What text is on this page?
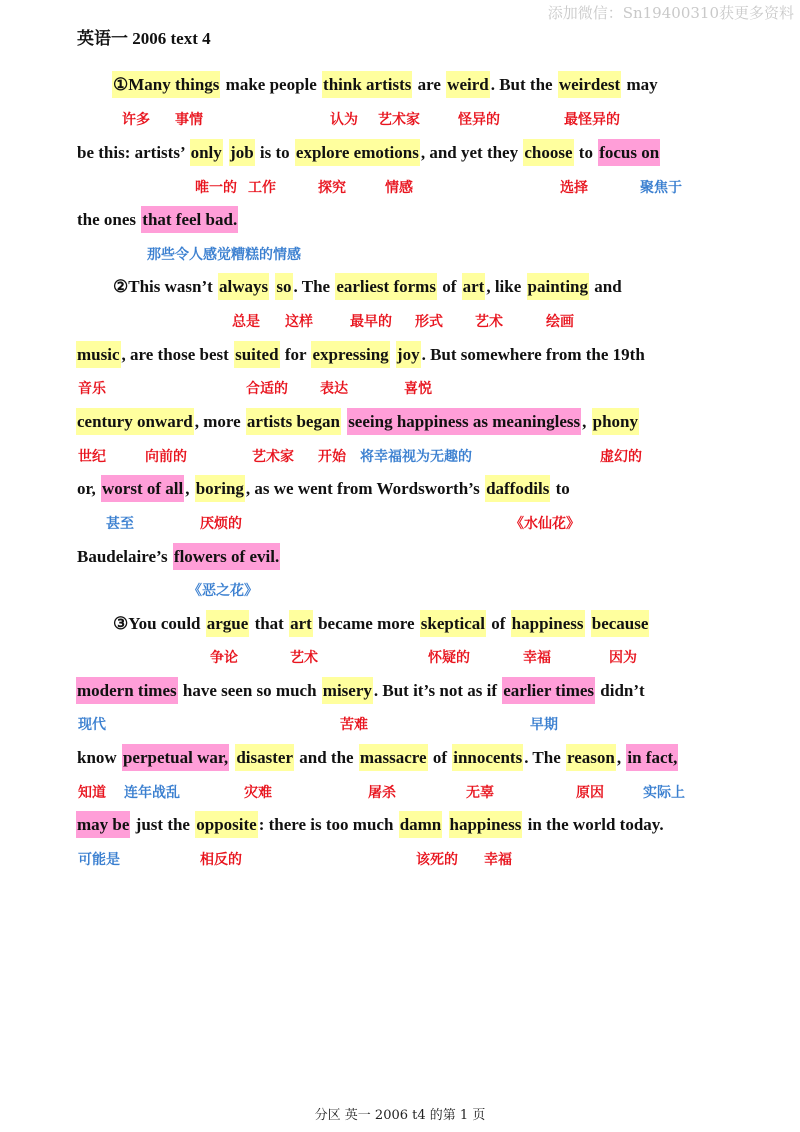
添加微信：Sn19400310获更多资料
英语一 2006 text 4
①Many things make people think artists are weird . But the weirdest may
许多 事情	认为 艺术家	怪异的	最怪异的
be this: artists’ only job is to explore emotions , and yet they choose to focus on
唯一的 工作	探究	情感	选择	聚焦于
the ones that feel bad.
那些令人感觉糟糕的情感
②This wasn’t always so . The earliest forms of art , like painting and
总是 这样	最早的 形式 艺术	绘画
music , are those best suited for expressing joy . But somewhere from the 19th
音乐	合适的 表达	喜悦
century onward , more artists began seeing happiness as meaningless , phony
世纪	向前的	艺术家 开始 将幸福视为无趣的	虚幻的
or, worst of all , boring , as we went from Wordsworth’s daffodils to
甚至	厌烦的	《水仙花》
Baudelaire’s flowers of evil.
《恶之花》
③You could argue that art became more skeptical of happiness because
争论	艺术	怀疑的	幸福	因为
modern times have seen so much misery . But it’s not as if earlier times didn’t
现代	苦难	早期
know perpetual war, disaster and the massacre of innocents . The reason , in fact,
知道 连年战乱	灾难	屠杀	无辜	原因	实际上
may be just the opposite : there is too much damn happiness in the world today.
可能是	相反的	该死的 幸福
分区 英一 2006 t4 的第 1 页
